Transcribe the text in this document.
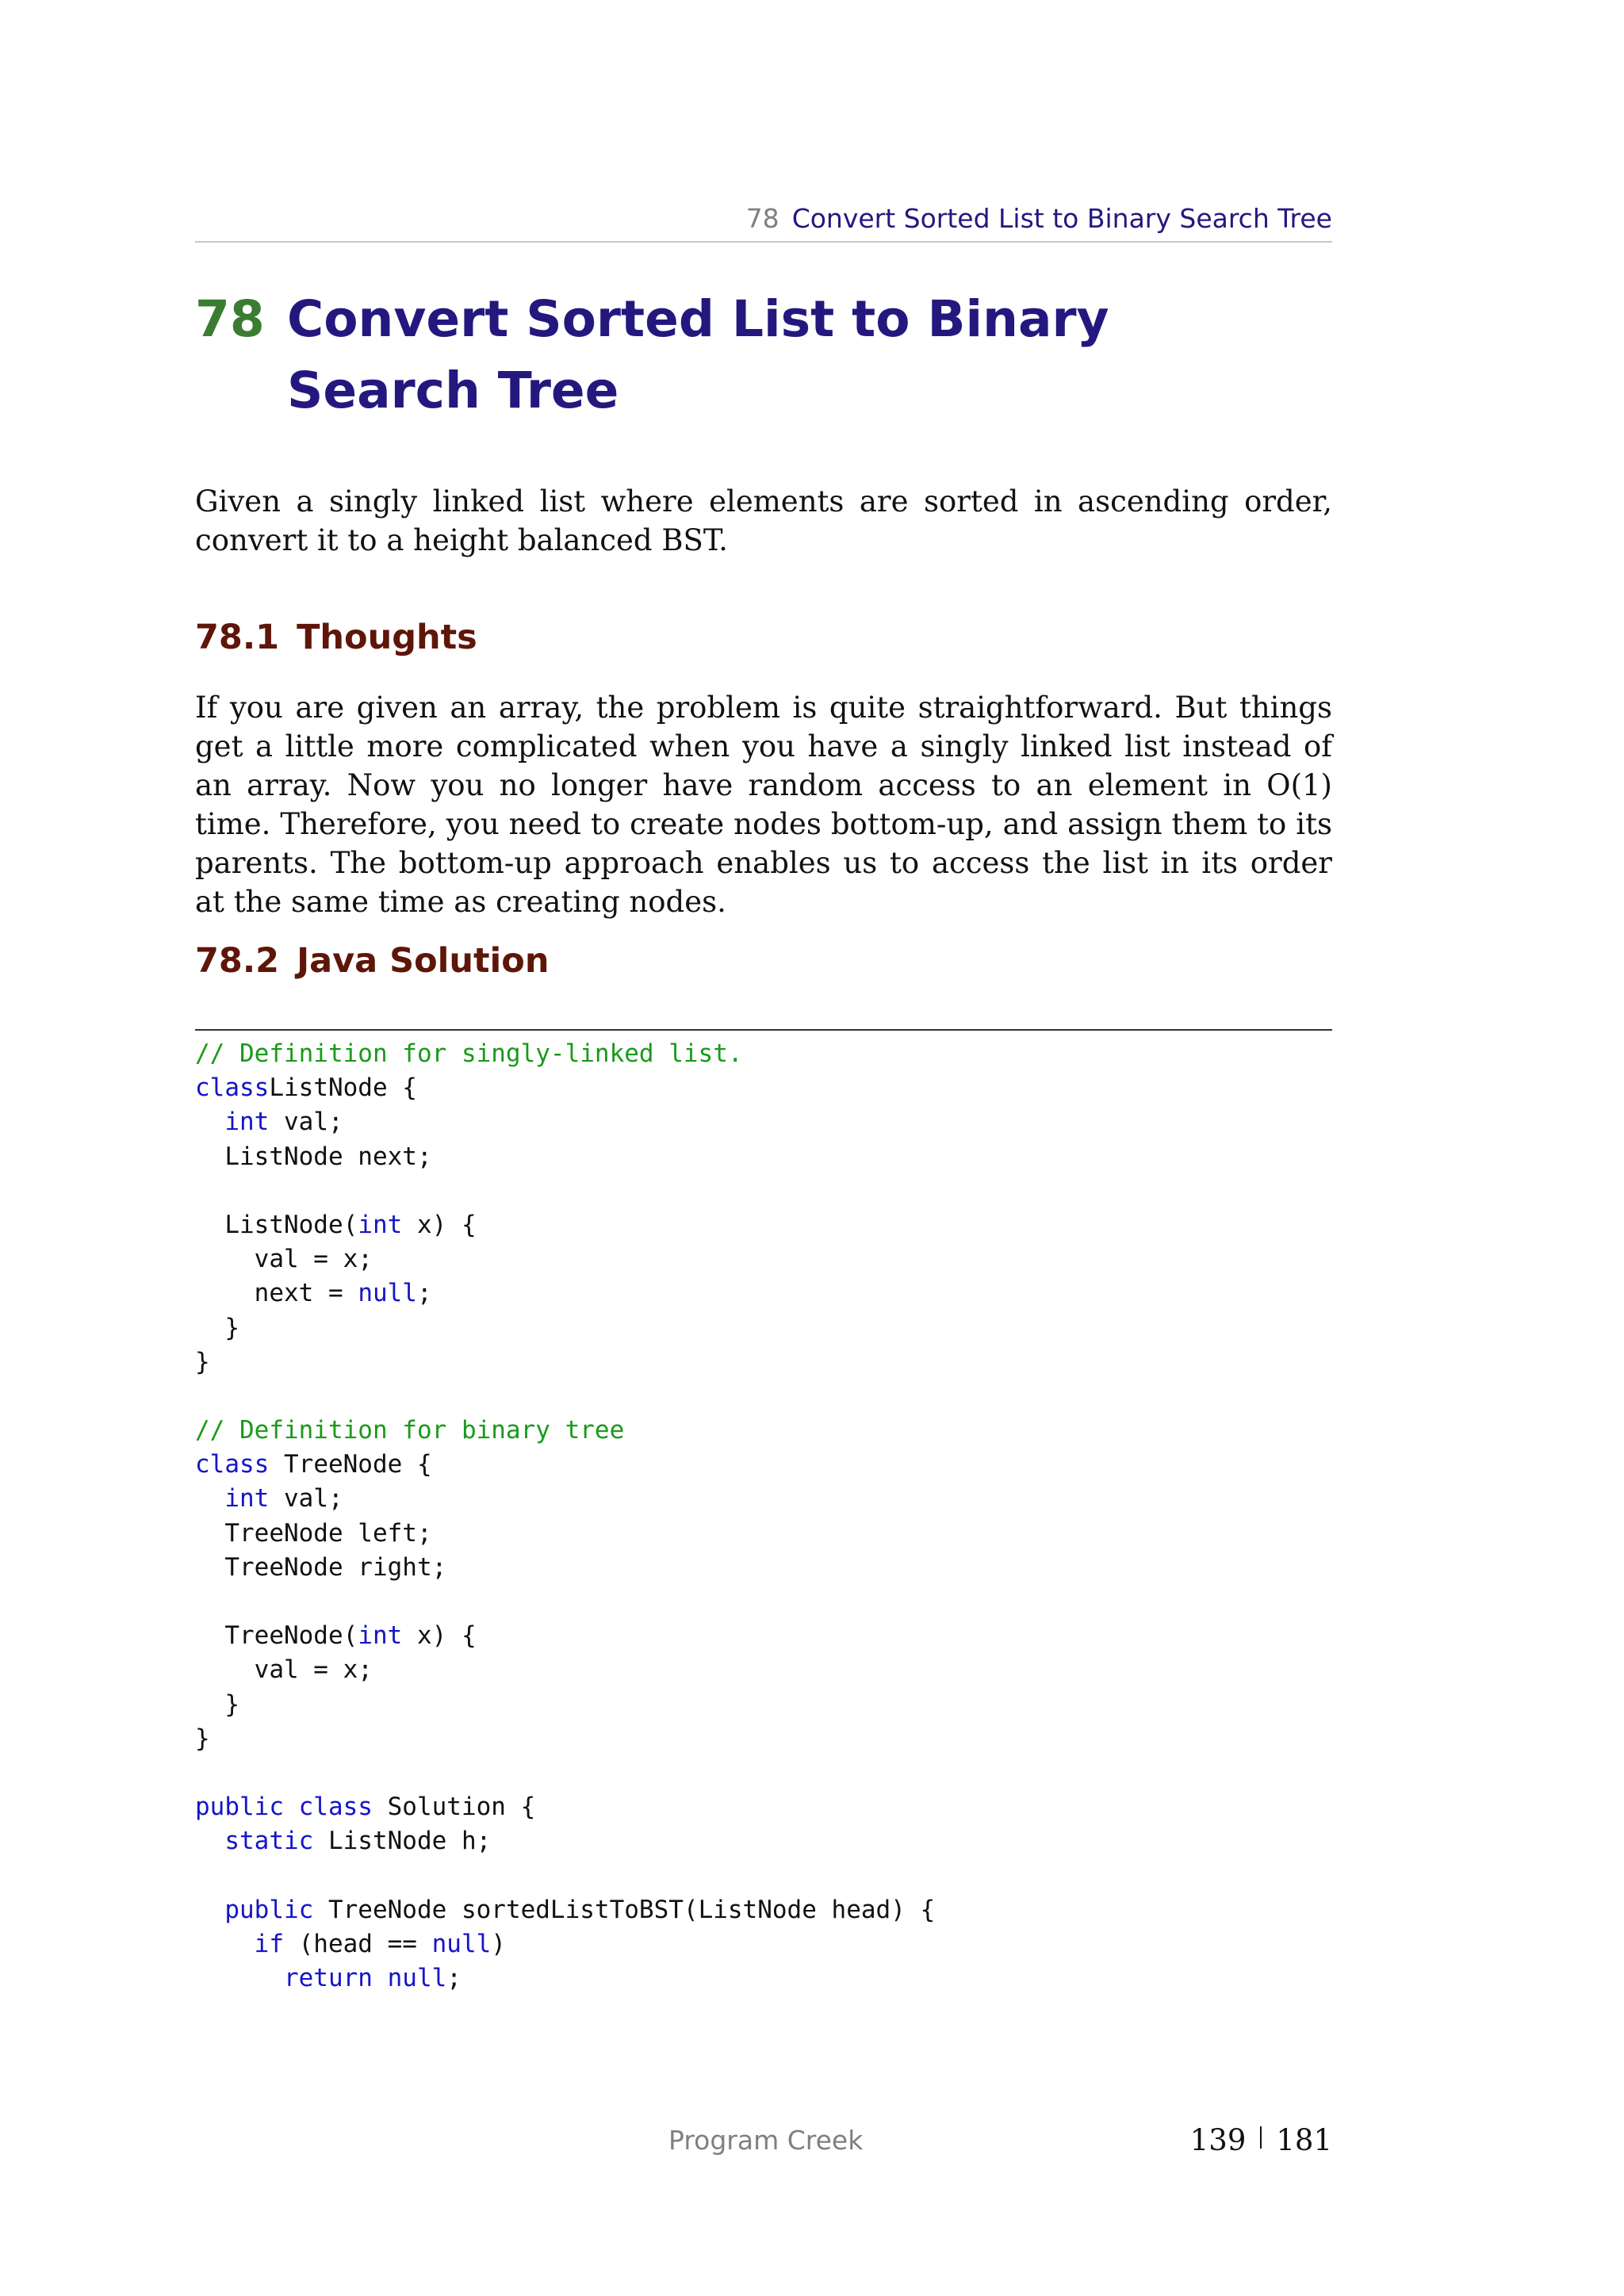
78 Convert Sorted List to Binary Search Tree
78 Convert Sorted List to Binary Search Tree
Given a singly linked list where elements are sorted in ascending order, convert it to a height balanced BST.
78.1 Thoughts
If you are given an array, the problem is quite straightforward. But things get a little more complicated when you have a singly linked list instead of an array. Now you no longer have random access to an element in O(1) time. Therefore, you need to create nodes bottom-up, and assign them to its parents. The bottom-up approach enables us to access the list in its order at the same time as creating nodes.
78.2 Java Solution
// Definition for singly-linked list.
classListNode {
int val;
ListNode next;
ListNode(int x) {
val = x;
next = null;
}
}
// Definition for binary tree
class TreeNode {
int val;
TreeNode left;
TreeNode right;
TreeNode(int x) {
val = x;
}
}
public class Solution {
static ListNode h;
public TreeNode sortedListToBST(ListNode head) {
if (head == null)
return null;
Program Creek	139 181
